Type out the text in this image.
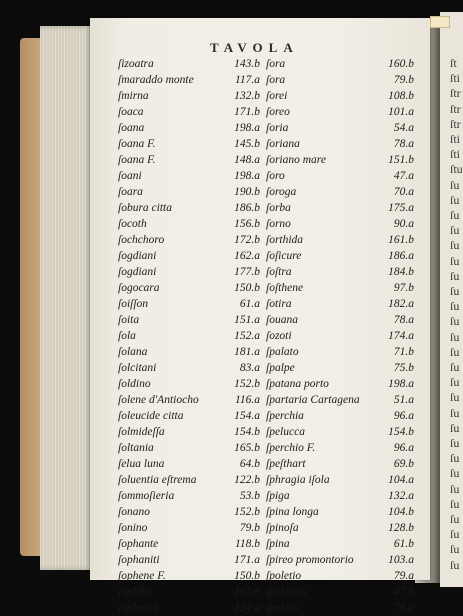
ſt
ſti
ſtr
ſtr
ſtr
ſti
ſti
ſtu
ſu
ſu
ſu
ſu
ſu
ſu
ſu
ſu
ſu
ſu
ſu
ſu
ſu
ſu
ſu
ſu
ſu
ſu
ſu
ſu
ſu
ſu
ſu
ſu
ſu
ſu
TAVOLA
ſizoatra	143.b
ſmaraddo monte	117.a
ſmirna	132.b
ſoaca	171.b
ſoana	198.a
ſoana F.	145.b
ſoana F.	148.a
ſoani	198.a
ſoara	190.b
ſobura citta	186.b
ſocoth	156.b
ſochchoro	172.b
ſogdiani	162.a
ſogdiani	177.b
ſogocara	150.b
ſoiſſon	61.a
ſoita	151.a
ſola	152.a
ſolana	181.a
ſolcitani	83.a
ſoldino	152.b
ſolene d'Antiocho	116.a
ſoleucide citta	154.a
ſolmideſſa	154.b
ſoltania	165.b
ſelua luna	64.b
ſoluentia eſtrema	122.b
ſommoſieria	53.b
ſonano	152.b
ſonino	79.b
ſophante	118.b
ſophaniti	171.a
ſophene F.	150.b
ſophtha	167.b
ſophucci	124.a
ſora	160.b
ſora	79.b
ſorei	108.b
ſoreo	101.a
ſoria	54.a
ſoriana	78.a
ſoriano mare	151.b
ſoro	47.a
ſoroga	70.a
ſorba	175.a
ſorno	90.a
ſorthida	161.b
ſoſicure	186.a
ſoſtra	184.b
ſoſthene	97.b
ſotira	182.a
ſouana	78.a
ſozoti	174.a
ſpalato	71.b
ſpalpe	75.b
ſpatana porto	198.a
ſpartaria Cartagena	51.a
ſperchia	96.a
ſpelucca	154.b
ſperchio F.	96.a
ſpeſthart	69.b
ſphragia iſola	104.a
ſpiga	132.a
ſpina longa	104.b
ſpinoſa	128.b
ſpina	61.b
ſpireo promontorio	103.a
ſpoletio	79.a
ſpoletino	47.b
ſpoleto	79.a
